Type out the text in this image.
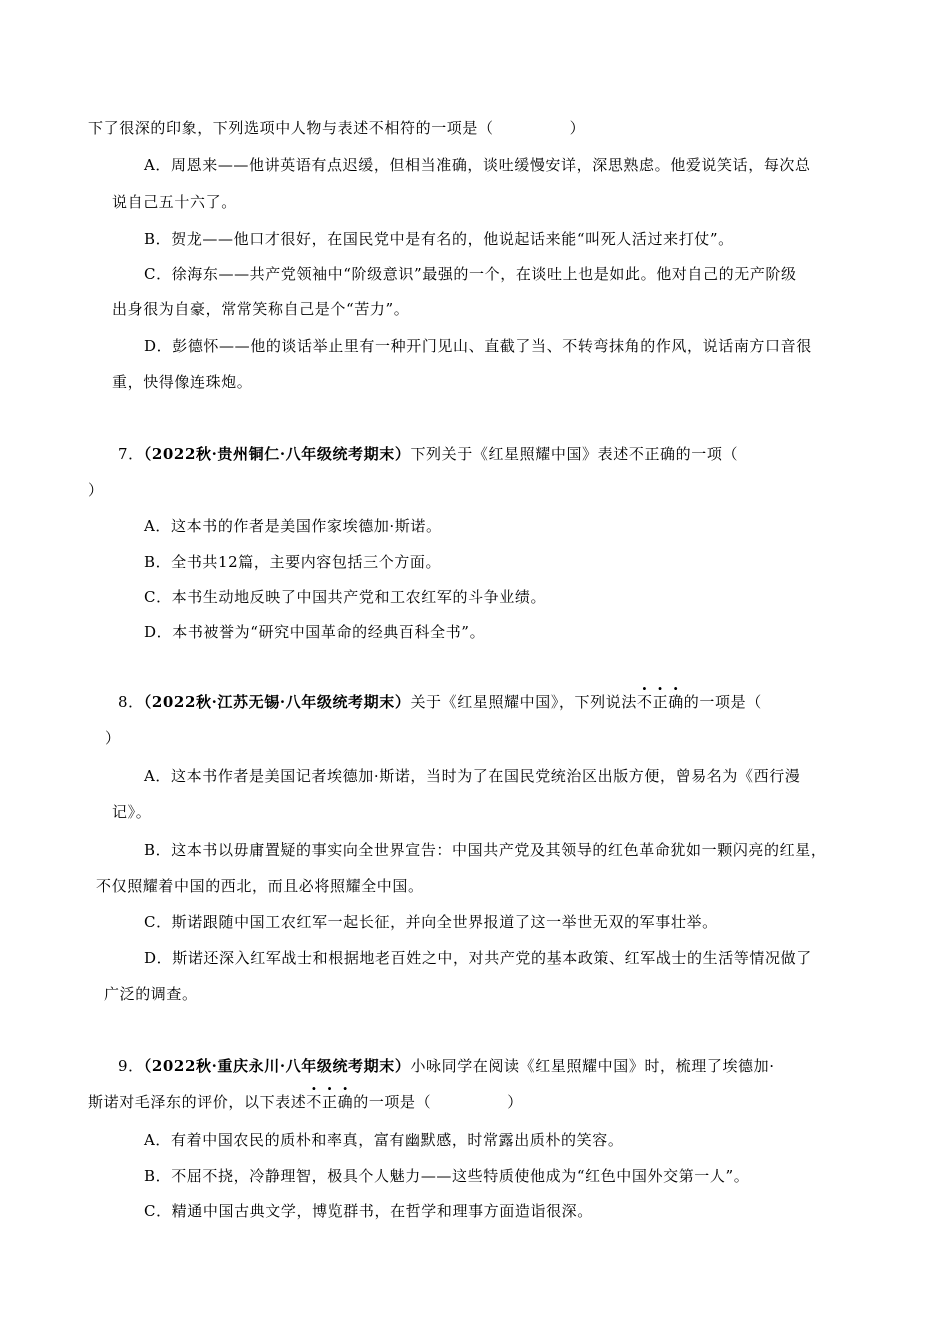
下了很深的印象，下列选项中人物与表述不相符的一项是（	）
A．周恩来——他讲英语有点迟缓，但相当准确，谈吐缓慢安详，深思熟虑。他爱说笑话，每次总
说自己五十六了。
B．贺龙——他口才很好，在国民党中是有名的，他说起话来能“叫死人活过来打仗”。
C．徐海东——共产党领袖中“阶级意识”最强的一个，在谈吐上也是如此。他对自己的无产阶级
出身很为自豪，常常笑称自己是个“苦力”。
D．彭德怀——他的谈话举止里有一种开门见山、直截了当、不转弯抹角的作风，说话南方口音很
重，快得像连珠炮。
7．（2022秋·贵州铜仁·八年级统考期末）下列关于《红星照耀中国》表述不正确的一项（
）
A．这本书的作者是美国作家埃德加·斯诺。
B．全书共12篇，主要内容包括三个方面。
C．本书生动地反映了中国共产党和工农红军的斗争业绩。
D．本书被誉为“研究中国革命的经典百科全书”。
8．（2022秋·江苏无锡·八年级统考期末）关于《红星照耀中国》，下列说法不正确的一项是（
）
A．这本书作者是美国记者埃德加·斯诺，当时为了在国民党统治区出版方便，曾易名为《西行漫
记》。
B．这本书以毋庸置疑的事实向全世界宣告：中国共产党及其领导的红色革命犹如一颗闪亮的红星，
不仅照耀着中国的西北，而且必将照耀全中国。
C．斯诺跟随中国工农红军一起长征，并向全世界报道了这一举世无双的军事壮举。
D．斯诺还深入红军战士和根据地老百姓之中，对共产党的基本政策、红军战士的生活等情况做了
广泛的调查。
9．（2022秋·重庆永川·八年级统考期末）小咏同学在阅读《红星照耀中国》时，梳理了埃德加·
斯诺对毛泽东的评价，以下表述不正确的一项是（	）
A．有着中国农民的质朴和率真，富有幽默感，时常露出质朴的笑容。
B．不屈不挠，冷静理智，极具个人魅力——这些特质使他成为“红色中国外交第一人”。
C．精通中国古典文学，博览群书，在哲学和理事方面造诣很深。
